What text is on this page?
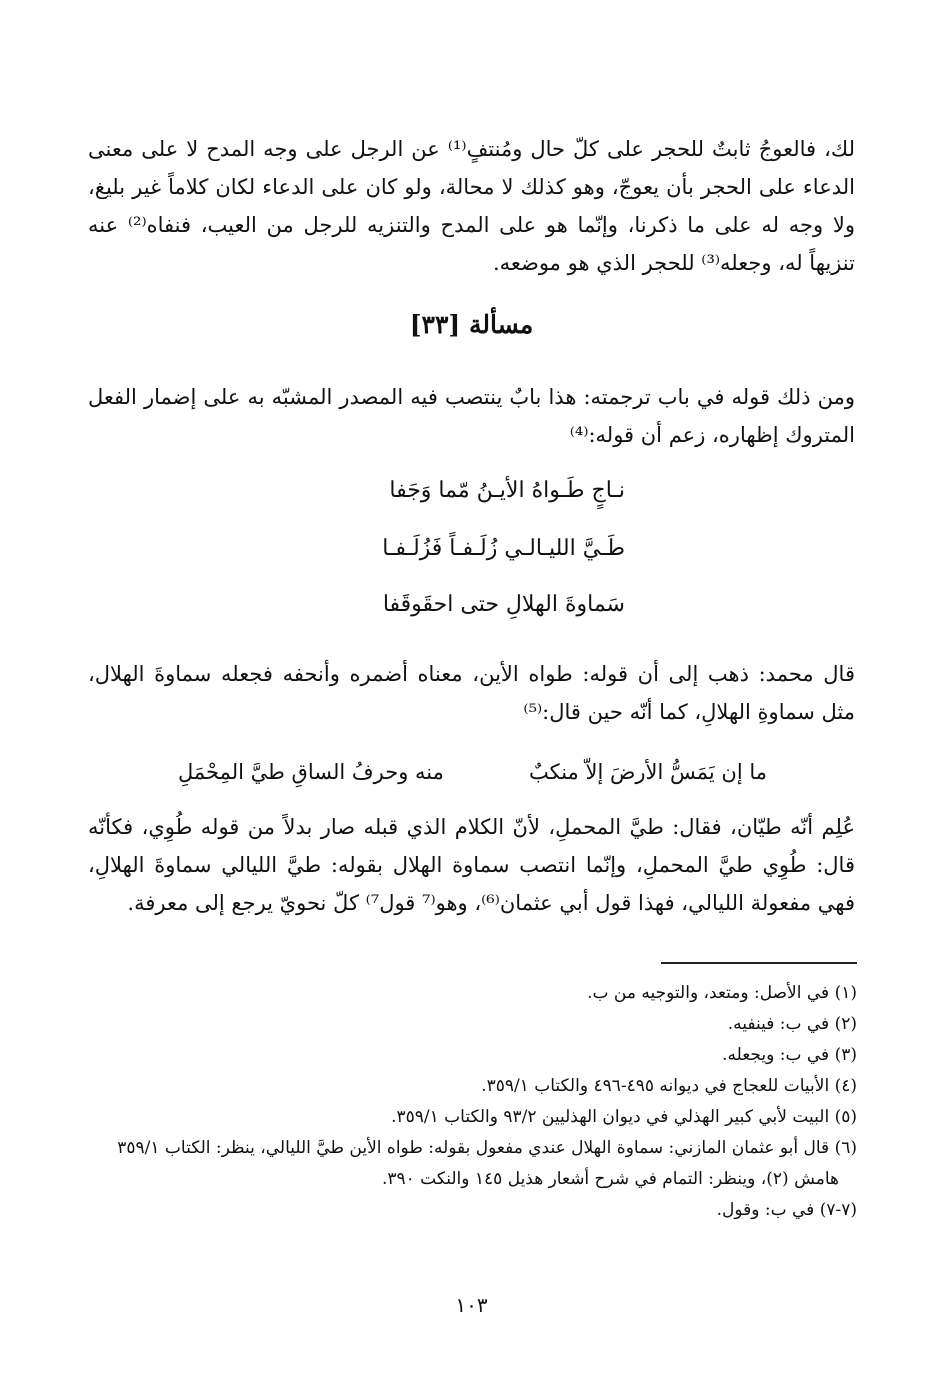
لك، فالعوجُ ثابتٌ للحجر على كلّ حال ومُنتفٍ⁽¹⁾ عن الرجل على وجه المدح لا على معنى الدعاء على الحجر بأن يعوجّ، وهو كذلك لا محالة، ولو كان على الدعاء لكان كلاماً غير بليغ، ولا وجه له على ما ذكرنا، وإنّما هو على المدح والتنزيه للرجل من العيب، فنفاه⁽²⁾ عنه تنزيهاً له، وجعله⁽³⁾ للحجر الذي هو موضعه.

مسألة [٣٣]

ومن ذلك قوله في باب ترجمته: هذا بابٌ ينتصب فيه المصدر المشبّه به على إضمار الفعل المتروك إظهاره، زعم أن قوله:⁽⁴⁾

نـاجٍ طَـواهُ الأيـنُ مّما وَجَفا
طَـيَّ الليـالـي زُلَـفـاً فَزُلَـفـا
سَماوةَ الهلالِ حتى احقَوقَفا

قال محمد: ذهب إلى أن قوله: طواه الأين، معناه أضمره وأنحفه فجعله سماوةَ الهلال، مثل سماوةِ الهلالِ، كما أنّه حين قال:⁽⁵⁾

ما إن يَمَسُّ الأرضَ إلاّ منكبٌ
منه وحرفُ الساقِ طيَّ المِحْمَلِ

عُلِم أنّه طيّان، فقال: طيَّ المحملِ، لأنّ الكلام الذي قبله صار بدلاً من قوله طُوِي، فكأنّه قال: طُوِي طيَّ المحملِ، وإنّما انتصب سماوة الهلال بقوله: طيَّ الليالي سماوةَ الهلالِ، فهي مفعولة الليالي، فهذا قول أبي عثمان⁽⁶⁾، وهو⁽⁷ قول⁷⁾ كلّ نحويّ يرجع إلى معرفة.

(١) في الأصل: ومتعد، والتوجيه من ب.
(٢) في ب: فينفيه.
(٣) في ب: ويجعله.
(٤) الأبيات للعجاج في ديوانه ٤٩٥-٤٩٦ والكتاب ٣٥٩/١.
(٥) البيت لأبي كبير الهذلي في ديوان الهذليين ٩٣/٢ والكتاب ٣٥٩/١.
(٦) قال أبو عثمان المازني: سماوة الهلال عندي مفعول بقوله: طواه الأين طيَّ الليالي، ينظر: الكتاب ٣٥٩/١
هامش (٢)، وينظر: التمام في شرح أشعار هذيل ١٤٥ والنكت ٣٩٠.
(٧-٧) في ب: وقول.
١٠٣
